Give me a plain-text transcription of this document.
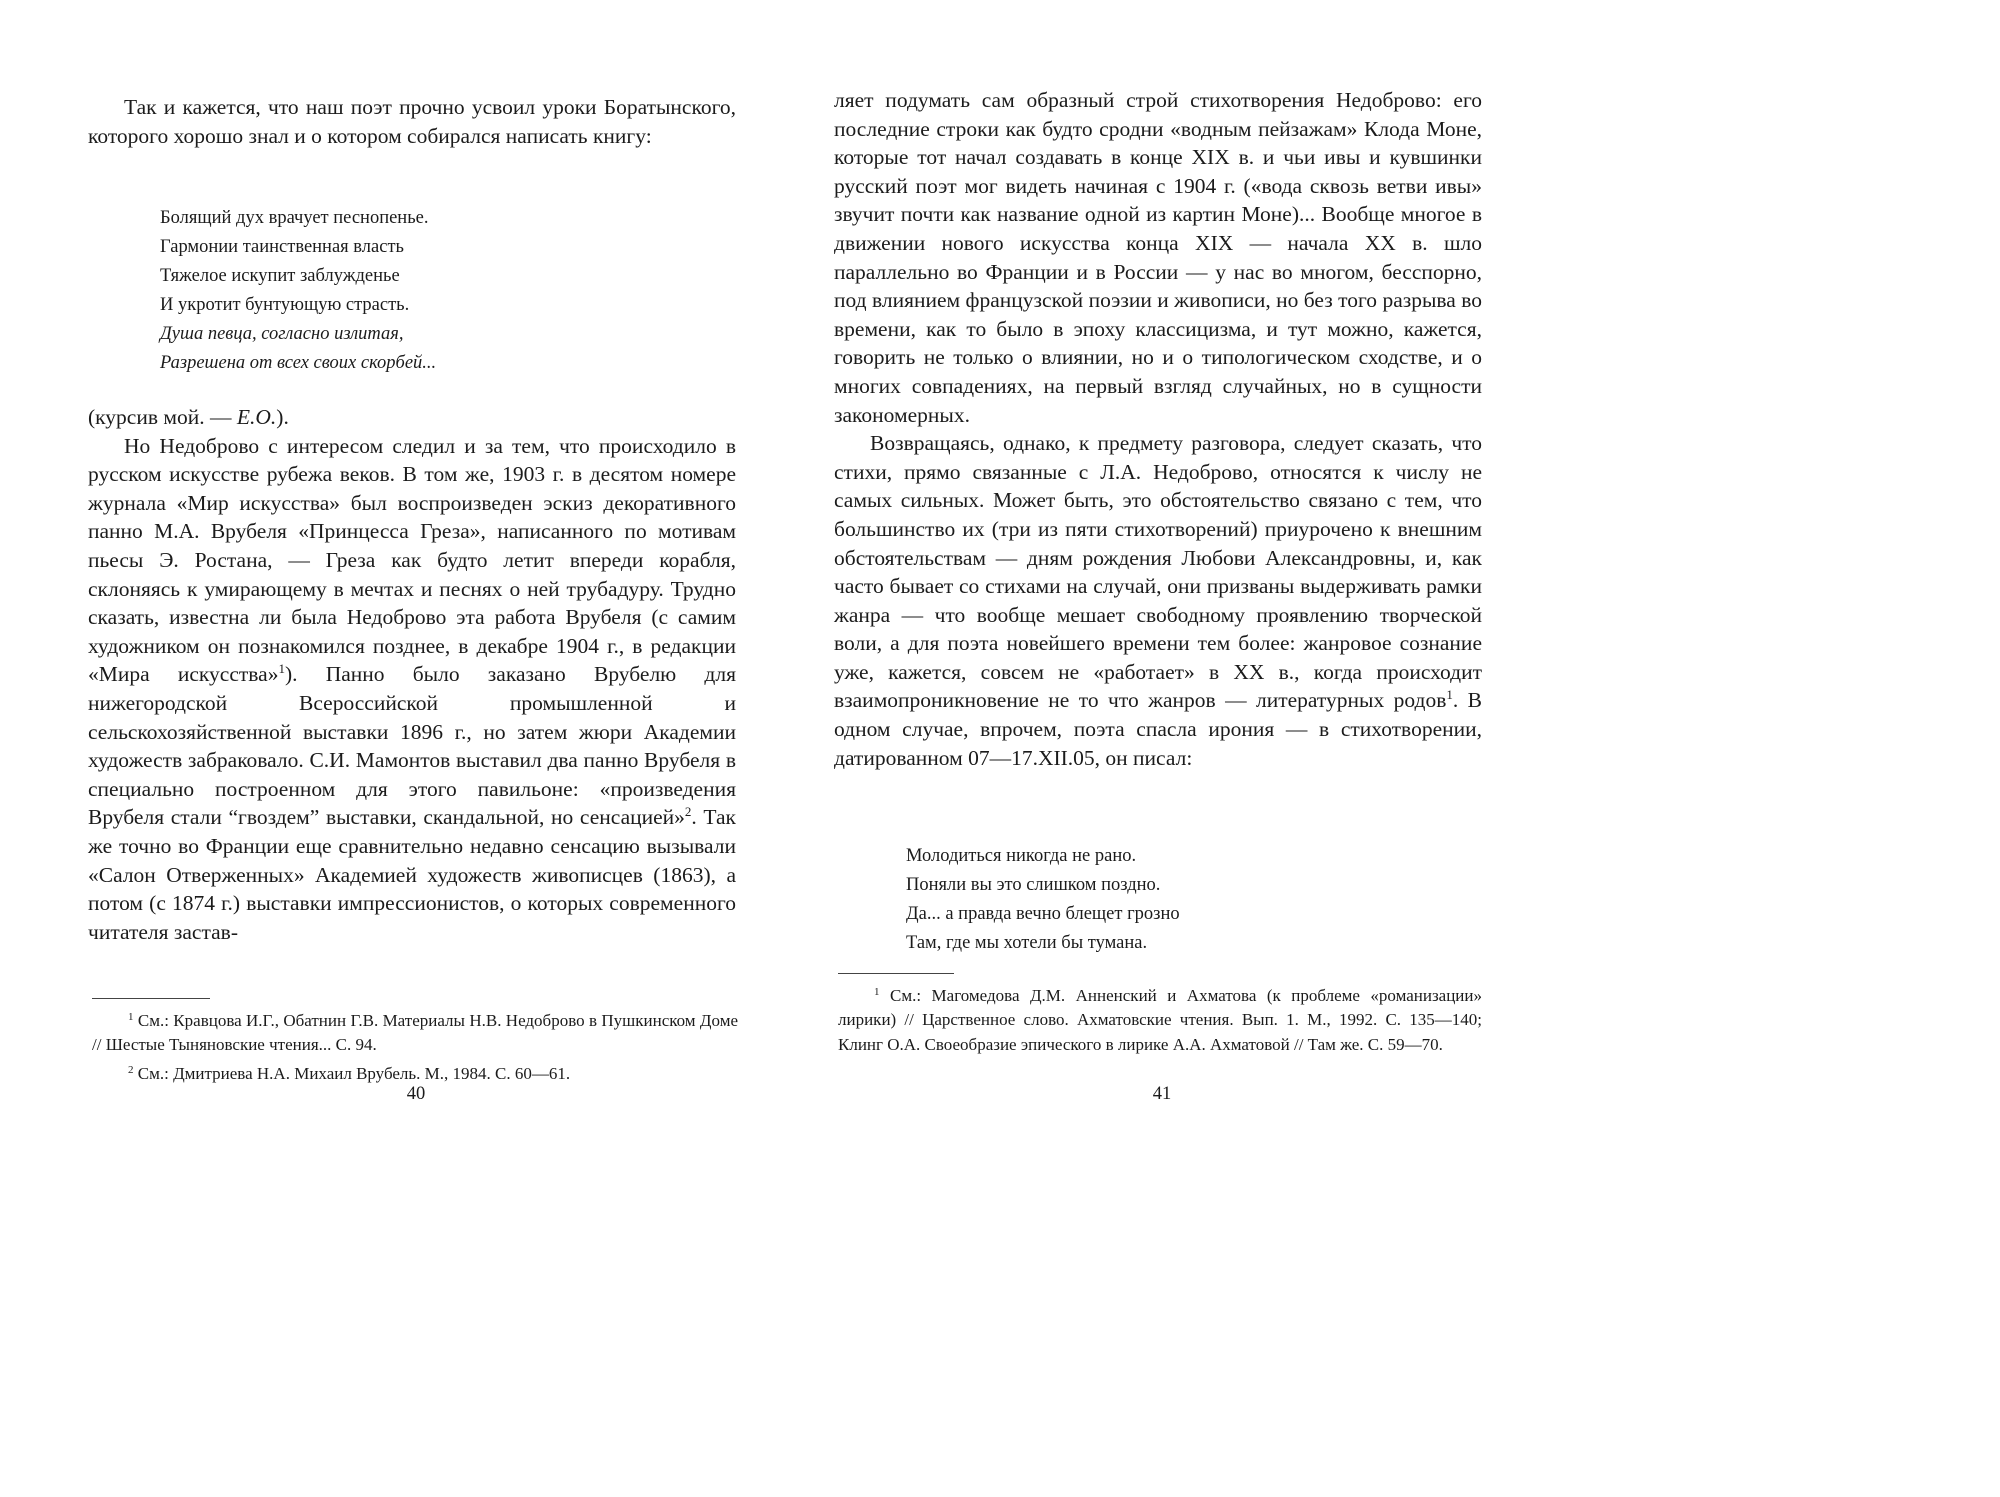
Так и кажется, что наш поэт прочно усвоил уроки Боратынского, которого хорошо знал и о котором собирался написать книгу:

Болящий дух врачует песнопенье.
Гармонии таинственная власть
Тяжелое искупит заблужденье
И укротит бунтующую страсть.
Душа певца, согласно излитая,
Разрешена от всех своих скорбей...

(курсив мой. — Е.О.).

Но Недоброво с интересом следил и за тем, что происходило в русском искусстве рубежа веков. В том же, 1903 г. в десятом номере журнала «Мир искусства» был воспроизведен эскиз декоративного панно М.А. Врубеля «Принцесса Греза», написанного по мотивам пьесы Э. Ростана, — Греза как будто летит впереди корабля, склоняясь к умирающему в мечтах и песнях о ней трубадуру. Трудно сказать, известна ли была Недоброво эта работа Врубеля (с самим художником он познакомился позднее, в декабре 1904 г., в редакции «Мира искусства»$^1$). Панно было заказано Врубелю для нижегородской Всероссийской промышленной и сельскохозяйственной выставки 1896 г., но затем жюри Академии художеств забраковало. С.И. Мамонтов выставил два панно Врубеля в специально построенном для этого павильоне: «произведения Врубеля стали “гвоздем” выставки, скандальной, но сенсацией»$^2$. Так же точно во Франции еще сравнительно недавно сенсацию вызывали «Салон Отверженных» Академией художеств живописцев (1863), а потом (с 1874 г.) выставки импрессионистов, о которых современного читателя застав-

$^1$ См.: Кравцова И.Г., Обатнин Г.В. Материалы Н.В. Недоброво в Пушкинском Доме // Шестые Тыняновские чтения... С. 94.

$^2$ См.: Дмитриева Н.А. Михаил Врубель. М., 1984. С. 60—61.

40

ляет подумать сам образный строй стихотворения Недоброво: его последние строки как будто сродни «водным пейзажам» Клода Моне, которые тот начал создавать в конце XIX в. и чьи ивы и кувшинки русский поэт мог видеть начиная с 1904 г. («вода сквозь ветви ивы» звучит почти как название одной из картин Моне)... Вообще многое в движении нового искусства конца XIX — начала XX в. шло параллельно во Франции и в России — у нас во многом, бесспорно, под влиянием французской поэзии и живописи, но без того разрыва во времени, как то было в эпоху классицизма, и тут можно, кажется, говорить не только о влиянии, но и о типологическом сходстве, и о многих совпадениях, на первый взгляд случайных, но в сущности закономерных.

Возвращаясь, однако, к предмету разговора, следует сказать, что стихи, прямо связанные с Л.А. Недоброво, относятся к числу не самых сильных. Может быть, это обстоятельство связано с тем, что большинство их (три из пяти стихотворений) приурочено к внешним обстоятельствам — дням рождения Любови Александровны, и, как часто бывает со стихами на случай, они призваны выдерживать рамки жанра — что вообще мешает свободному проявлению творческой воли, а для поэта новейшего времени тем более: жанровое сознание уже, кажется, совсем не «работает» в XX в., когда происходит взаимопроникновение не то что жанров — литературных родов$^1$. В одном случае, впрочем, поэта спасла ирония — в стихотворении, датированном 07—17.XII.05, он писал:

Молодиться никогда не рано.
Поняли вы это слишком поздно.
Да... а правда вечно блещет грозно
Там, где мы хотели бы тумана.

$^1$ См.: Магомедова Д.М. Анненский и Ахматова (к проблеме «романизации» лирики) // Царственное слово. Ахматовские чтения. Вып. 1. М., 1992. С. 135—140; Клинг О.А. Своеобразие эпического в лирике А.А. Ахматовой // Там же. С. 59—70.

41
